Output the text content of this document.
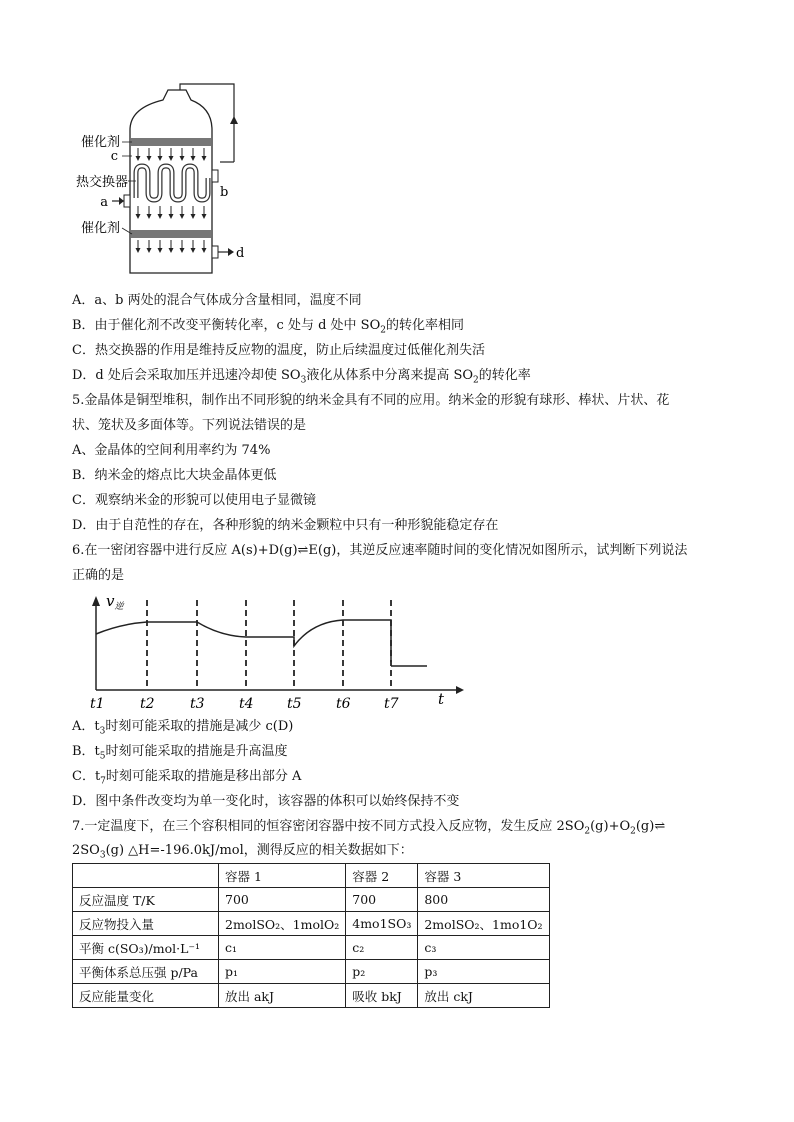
催化剂
c
热交换器
a
b
催化剂
d
A．a、b 两处的混合气体成分含量相同，温度不同
B．由于催化剂不改变平衡转化率，c 处与 d 处中 $SO_2$的转化率相同
C．热交换器的作用是维持反应物的温度，防止后续温度过低催化剂失活
D．d 处后会采取加压并迅速冷却使 $SO_3$液化从体系中分离来提高 $SO_2$的转化率
5.金晶体是铜型堆积，制作出不同形貌的纳米金具有不同的应用。纳米金的形貌有球形、棒状、片状、花
状、笼状及多面体等。下列说法错误的是
A、金晶体的空间利用率约为 74%
B．纳米金的熔点比大块金晶体更低
C．观察纳米金的形貌可以使用电子显微镜
D．由于自范性的存在，各种形貌的纳米金颗粒中只有一种形貌能稳定存在
6.在一密闭容器中进行反应 A(s)+D(g)⇌E(g)，其逆反应速率随时间的变化情况如图所示，试判断下列说法
正确的是
$v_逆$
t
t1	t2	t3 t4 t5 t6 t7
A．$t_3$时刻可能采取的措施是减少 c(D)
B．$t_5$时刻可能采取的措施是升高温度
C．$t_7$时刻可能采取的措施是移出部分 A
D．图中条件改变均为单一变化时，该容器的体积可以始终保持不变
7.一定温度下，在三个容积相同的恒容密闭容器中按不同方式投入反应物，发生反应 $2SO_2(g)+O_2(g)\rightleftharpoons$
$2SO_3(g)$ △H=-196.0kJ/mol，测得反应的相关数据如下：
	容器 1	容器 2	容器 3
反应温度 T/K	700	700	800
反应物投入量	2molSO₂、1molO₂	4mo1SO₃	2molSO₂、1mo1O₂
平衡 c(SO₃)/mol·L⁻¹	c₁	c₂	c₃
平衡体系总压强 p/Pa	p₁	p₂	p₃
反应能量变化	放出 akJ	吸收 bkJ	放出 ckJ
